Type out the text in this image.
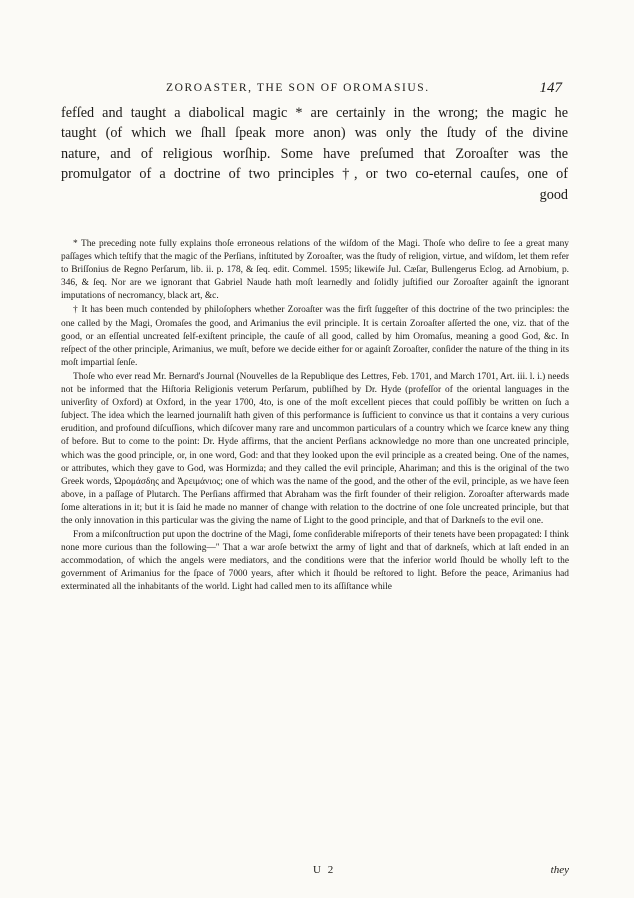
ZOROASTER, THE SON OF OROMASIUS.	147
fefſed and taught a diabolical magic * are certainly in the wrong; the magic he
taught (of which we ſhall ſpeak more anon) was only the ſtudy of the divine
nature, and of religious worſhip. Some have preſumed that Zoroaſter was the
promulgator of a doctrine of two principles †, or two co-eternal cauſes, one of
good

* The preceding note fully explains thoſe erroneous relations of the wiſdom of the Magi. Thoſe who deſire to ſee a great many paſſages which teſtify that the magic of the Perſians, inſtituted by Zoroaſter, was the ſtudy of religion, virtue, and wiſdom, let them refer to Briſſonius de Regno Perſarum, lib. ii. p. 178, & ſeq. edit. Commel. 1595; likewiſe Jul. Cæſar, Bullengerus Eclog. ad Arnobium, p. 346, & ſeq. Nor are we ignorant that Gabriel Naude hath moſt learnedly and ſolidly juſtified our Zoroaſter againſt the ignorant imputations of necromancy, black art, &c.

† It has been much contended by philoſophers whether Zoroaſter was the firſt ſuggeſter of this doctrine of the two principles: the one called by the Magi, Oromaſes the good, and Arimanius the evil principle. It is certain Zoroaſter aſſerted the one, viz. that of the good, or an eſſential uncreated ſelf-exiſtent principle, the cauſe of all good, called by him Oromaſus, meaning a good God, &c. In reſpect of the other principle, Arimanius, we muſt, before we decide either for or againſt Zoroaſter, conſider the nature of the thing in its moſt impartial ſenſe.

Thoſe who ever read Mr. Bernard's Journal (Nouvelles de la Republique des Lettres, Feb. 1701, and March 1701, Art. iii. l. i.) needs not be informed that the Hiſtoria Religionis veterum Perſarum, publiſhed by Dr. Hyde (profeſſor of the oriental languages in the univerſity of Oxford) at Oxford, in the year 1700, 4to, is one of the moſt excellent pieces that could poſſibly be written on ſuch a ſubject. The idea which the learned journaliſt hath given of this performance is ſufficient to convince us that it contains a very curious erudition, and profound diſcuſſions, which diſcover many rare and uncommon particulars of a country which we ſcarce knew any thing of before. But to come to the point: Dr. Hyde affirms, that the ancient Perſians acknowledge no more than one uncreated principle, which was the good principle, or, in one word, God: and that they looked upon the evil principle as a created being. One of the names, or attributes, which they gave to God, was Hormizda; and they called the evil principle, Ahariman; and this is the original of the two Greek words, Ὠρομάσδης and Ἀρειμάνιος; one of which was the name of the good, and the other of the evil, principle, as we have ſeen above, in a paſſage of Plutarch. The Perſians affirmed that Abraham was the firſt founder of their religion. Zoroaſter afterwards made ſome alterations in it; but it is ſaid he made no manner of change with relation to the doctrine of one ſole uncreated principle, but that the only innovation in this particular was the giving the name of Light to the good principle, and that of Darkneſs to the evil one.

From a miſconſtruction put upon the doctrine of the Magi, ſome conſiderable miſreports of their tenets have been propagated: I think none more curious than the following—" That a war aroſe betwixt the army of light and that of darkneſs, which at laſt ended in an accommodation, of which the angels were mediators, and the conditions were that the inferior world ſhould be wholly left to the government of Arimanius for the ſpace of 7000 years, after which it ſhould be reſtored to light. Before the peace, Arimanius had exterminated all the inhabitants of the world. Light had called men to its aſſiſtance while

U 2	they
